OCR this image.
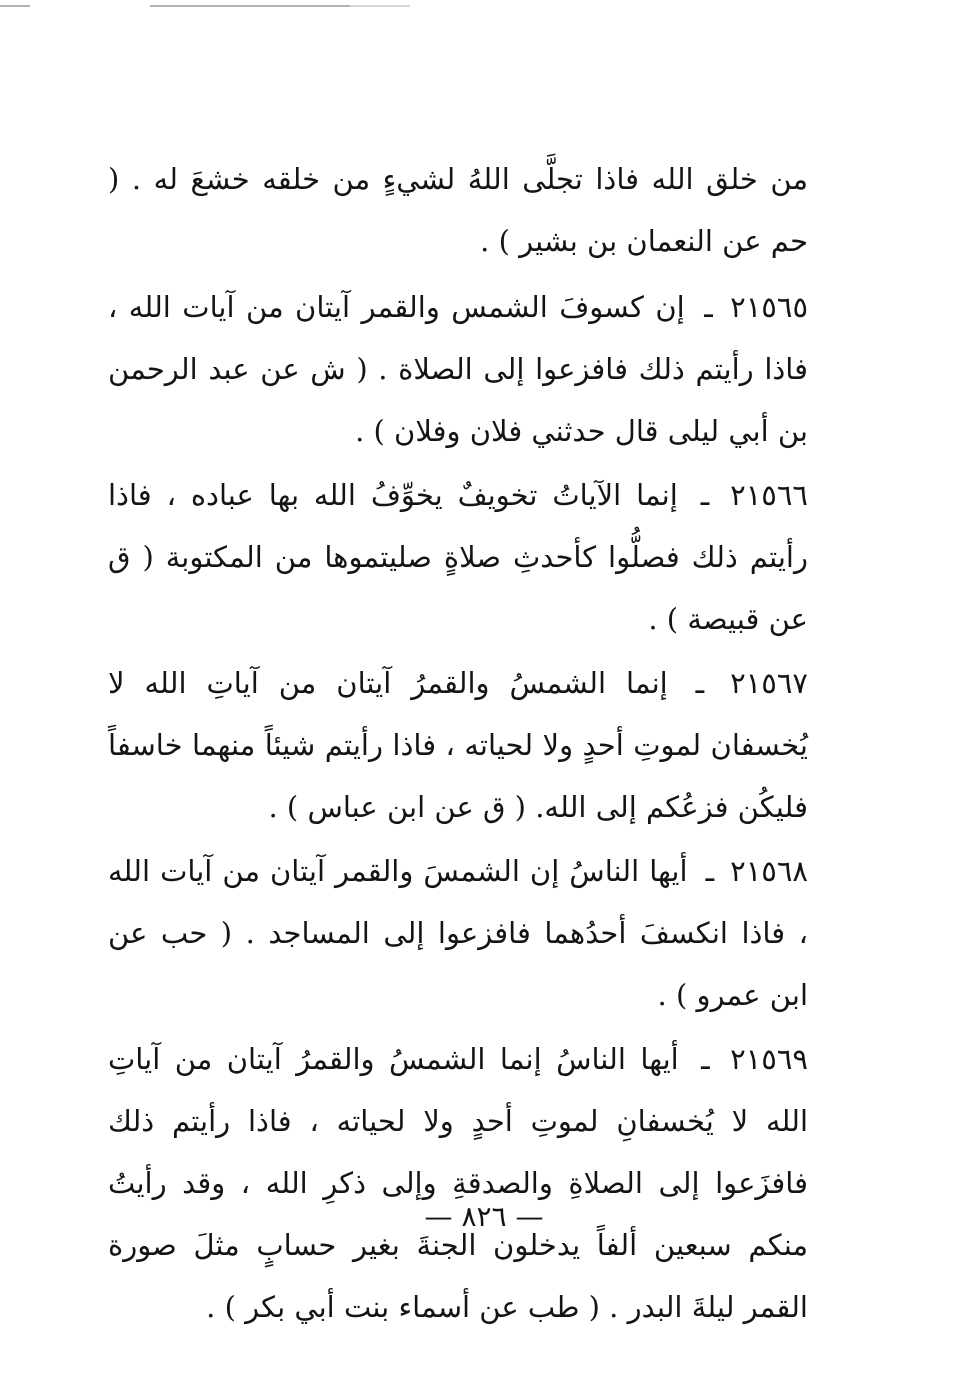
من خلق الله فاذا تجلَّى اللهُ لشيءٍ من خلقه خشعَ له . ( حم عن النعمان بن بشير ) .

٢١٥٦٥ ـ إن كسوفَ الشمس والقمر آيتان من آيات الله ، فاذا رأيتم ذلك فافزعوا إلى الصلاة . ( ش عن عبد الرحمن بن أبي ليلى قال حدثني فلان وفلان ) .

٢١٥٦٦ ـ إنما الآياتُ تخويفٌ يخوِّفُ الله بها عباده ، فاذا رأيتم ذلك فصلُّوا كأحدثِ صلاةٍ صليتموها من المكتوبة ( ق عن قبيصة ) .

٢١٥٦٧ ـ إنما الشمسُ والقمرُ آيتان من آياتِ الله لا يُخسفان لموتِ أحدٍ ولا لحياته ، فاذا رأيتم شيئاً منهما خاسفاً فليكُن فزعُكم إلى الله. ( ق عن ابن عباس ) .

٢١٥٦٨ ـ أيها الناسُ إن الشمسَ والقمر آيتان من آيات الله ، فاذا انكسفَ أحدُهما فافزعوا إلى المساجد . ( حب عن ابن عمرو ) .

٢١٥٦٩ ـ أيها الناسُ إنما الشمسُ والقمرُ آيتان من آياتِ الله لا يُخسفانِ لموتِ أحدٍ ولا لحياته ، فاذا رأيتم ذلك فافزَعوا إلى الصلاةِ والصدقةِ وإلى ذكرِ الله ، وقد رأيتُ منكم سبعين ألفاً يدخلون الجنةَ بغير حسابٍ مثلَ صورة القمر ليلةَ البدر . ( طب عن أسماء بنت أبي بكر ) .

— ٨٢٦ —
